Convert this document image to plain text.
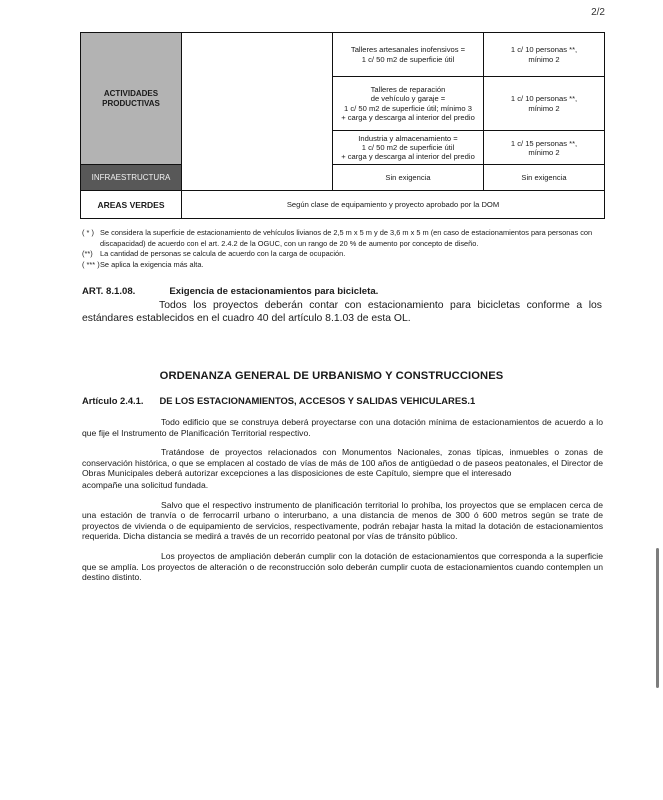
2/2
ACTIVIDADES
PRODUCTIVAS		Talleres artesanales inofensivos =
1 c/ 50 m2 de superficie útil	1 c/ 10 personas **,
mínimo 2
		Talleres de reparación
de vehículo y garaje =
1 c/ 50 m2 de superficie útil; mínimo 3
+ carga y descarga al interior del predio	1 c/ 10 personas **,
mínimo 2
		Industria y almacenamiento =
1 c/ 50 m2 de superficie útil
+ carga y descarga al interior del predio	1 c/ 15 personas **,
mínimo 2
INFRAESTRUCTURA		Sin exigencia	Sin exigencia
AREAS VERDES	Según clase de equipamiento y proyecto aprobado por la DOM		
( * ) Se considera la superficie de estacionamiento de vehículos livianos de 2,5 m x 5 m y de 3,6 m x 5 m (en caso de estacionamientos para personas con discapacidad) de acuerdo con el art. 2.4.2 de la OGUC, con un rango de 20 % de aumento por concepto de diseño.
(**) La cantidad de personas se calcula de acuerdo con la carga de ocupación.
( *** ) Se aplica la exigencia más alta.
ART. 8.1.08.	Exigencia de estacionamientos para bicicleta.
Todos los proyectos deberán contar con estacionamiento para bicicletas conforme a los estándares establecidos en el cuadro 40 del artículo 8.1.03 de esta OL.
ORDENANZA GENERAL DE URBANISMO Y CONSTRUCCIONES
Artículo 2.4.1. DE LOS ESTACIONAMIENTOS, ACCESOS Y SALIDAS VEHICULARES.1

Todo edificio que se construya deberá proyectarse con una dotación mínima de estacionamientos de acuerdo a lo que fije el Instrumento de Planificación Territorial respectivo.

Tratándose de proyectos relacionados con Monumentos Nacionales, zonas típicas, inmuebles o zonas de conservación histórica, o que se emplacen al costado de vías de más de 100 años de antigüedad o de paseos peatonales, el Director de Obras Municipales deberá autorizar excepciones a las disposiciones de este Capítulo, siempre que el interesado

acompañe una solicitud fundada.

Salvo que el respectivo instrumento de planificación territorial lo prohíba, los proyectos que se emplacen cerca de una estación de tranvía o de ferrocarril urbano o interurbano, a una distancia de menos de 300 ó 600 metros según se trate de proyectos de vivienda o de equipamiento de servicios, respectivamente, podrán rebajar hasta la mitad la dotación de estacionamientos requerida. Dicha distancia se medirá a través de un recorrido peatonal por vías de tránsito público.

Los proyectos de ampliación deberán cumplir con la dotación de estacionamientos que corresponda a la superficie que se amplía. Los proyectos de alteración o de reconstrucción solo deberán cumplir cuota de estacionamientos cuando contemplen un destino distinto.
